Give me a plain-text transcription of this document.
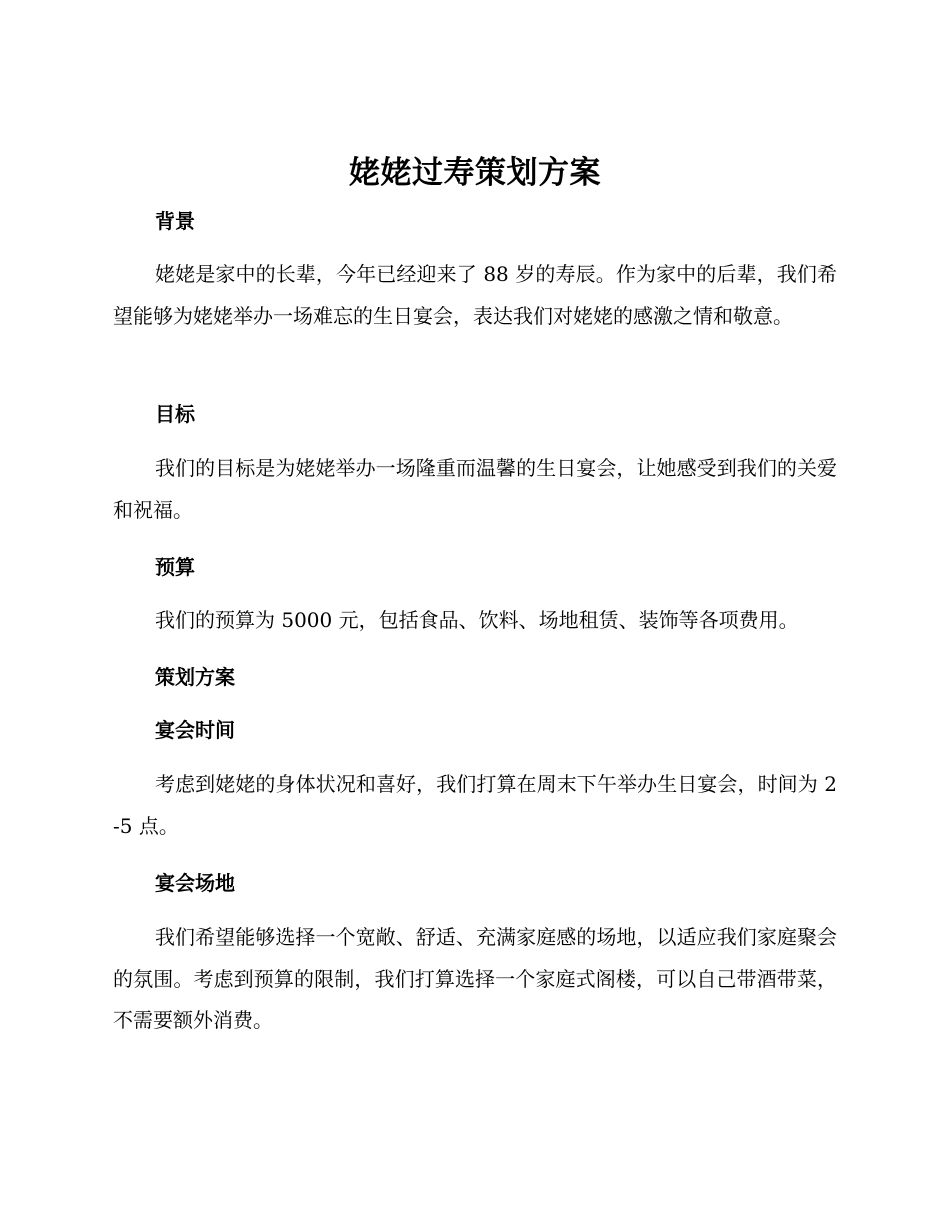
姥姥过寿策划方案
背景

姥姥是家中的长辈，今年已经迎来了 88 岁的寿辰。作为家中的后辈，我们希望能够为姥姥举办一场难忘的生日宴会，表达我们对姥姥的感激之情和敬意。

目标

我们的目标是为姥姥举办一场隆重而温馨的生日宴会，让她感受到我们的关爱和祝福。

预算

我们的预算为 5000 元，包括食品、饮料、场地租赁、装饰等各项费用。

策划方案
宴会时间

考虑到姥姥的身体状况和喜好，我们打算在周末下午举办生日宴会，时间为 2-5 点。

宴会场地

我们希望能够选择一个宽敞、舒适、充满家庭感的场地，以适应我们家庭聚会的氛围。考虑到预算的限制，我们打算选择一个家庭式阁楼，可以自己带酒带菜，不需要额外消费。
